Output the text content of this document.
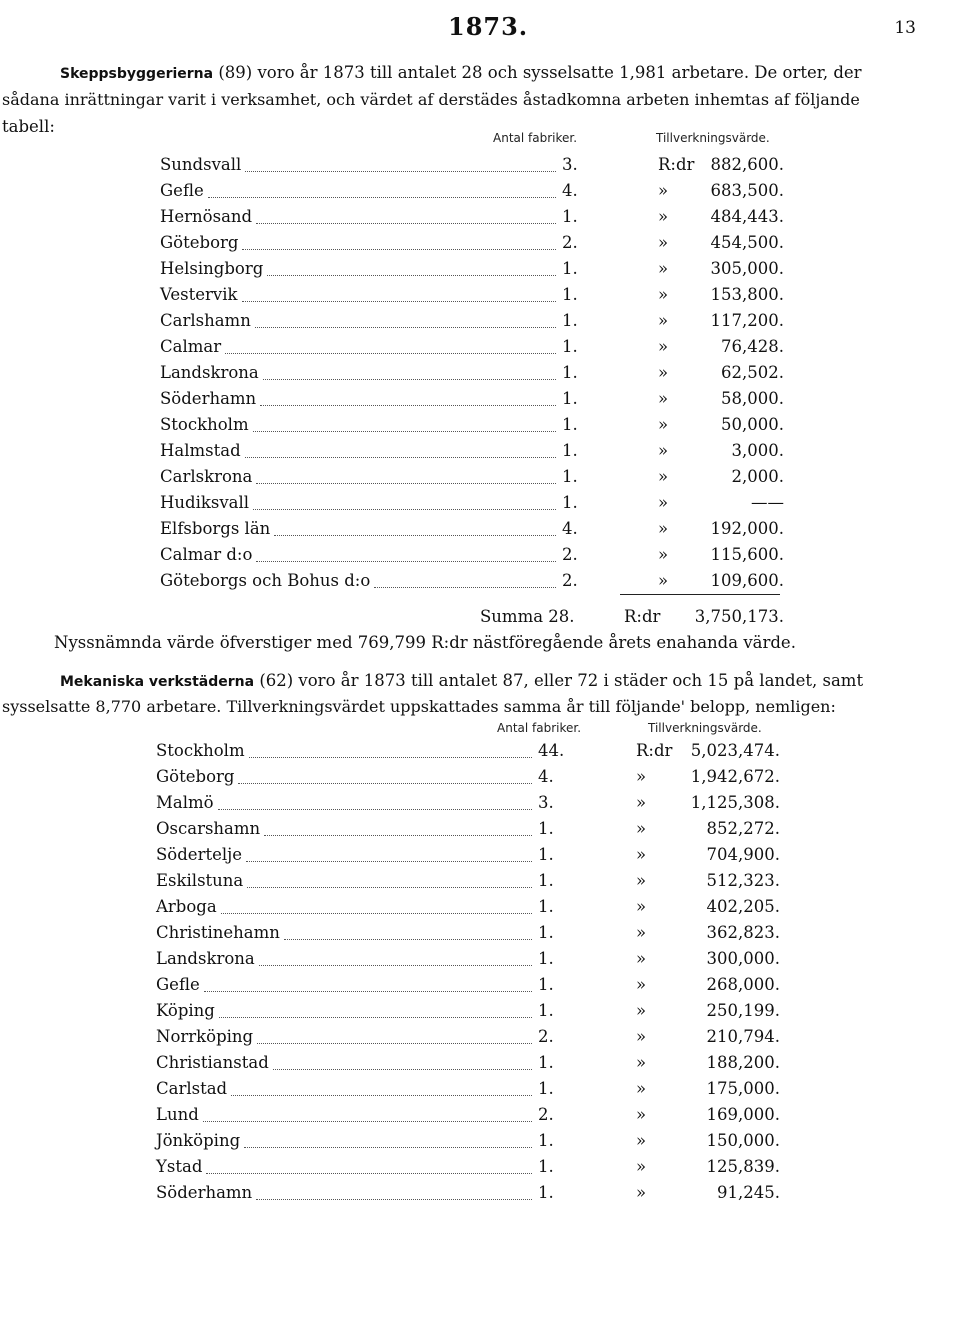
1873.	13
Skeppsbyggerierna (89) voro år 1873 till antalet 28 och sysselsatte 1,981 arbetare. De orter, der
sådana inrättningar varit i verksamhet, och värdet af derstädes åstadkomna arbeten inhemtas af följande
tabell:
Antal fabriker.	Tillverkningsvärde.
Sundsvall	3.	R:dr 882,600.
Gefle	4.	»	683,500.
Hernösand	1.	»	484,443.
Göteborg	2.	»	454,500.
Helsingborg	1.	»	305,000.
Vestervik	1.	»	153,800.
Carlshamn	1.	»	117,200.
Calmar	1.	»	76,428.
Landskrona	1.	»	62,502.
Söderhamn	1.	»	58,000.
Stockholm	1.	»	50,000.
Halmstad	1.	»	3,000.
Carlskrona	1.	»	2,000.
Hudiksvall	1.	»	——
Elfsborgs län	4.	»	192,000.
Calmar d:o	2.	»	115,600.
Göteborgs och Bohus d:o	2.	»	109,600.
Summa 28.	R:dr	3,750,173.
Nyssnämnda värde öfverstiger med 769,799 R:dr nästföregående årets enahanda värde.
Mekaniska verkstäderna (62) voro år 1873 till antalet 87, eller 72 i städer och 15 på landet, samt
sysselsatte 8,770 arbetare. Tillverkningsvärdet uppskattades samma år till följande' belopp, nemligen:
Antal fabriker.	Tillverkningsvärde.
Stockholm	44.	R:dr	5,023,474.
Göteborg	4.	»	1,942,672.
Malmö	3.	»	1,125,308.
Oscarshamn	1.	»	852,272.
Södertelje	1.	»	704,900.
Eskilstuna	1.	»	512,323.
Arboga	1.	»	402,205.
Christinehamn	1.	»	362,823.
Landskrona	1.	»	300,000.
Gefle	1.	»	268,000.
Köping	1.	»	250,199.
Norrköping	2.	»	210,794.
Christianstad	1.	»	188,200.
Carlstad	1.	»	175,000.
Lund	2.	»	169,000.
Jönköping	1.	»	150,000.
Ystad	1.	»	125,839.
Söderhamn	1.	»	91,245.
